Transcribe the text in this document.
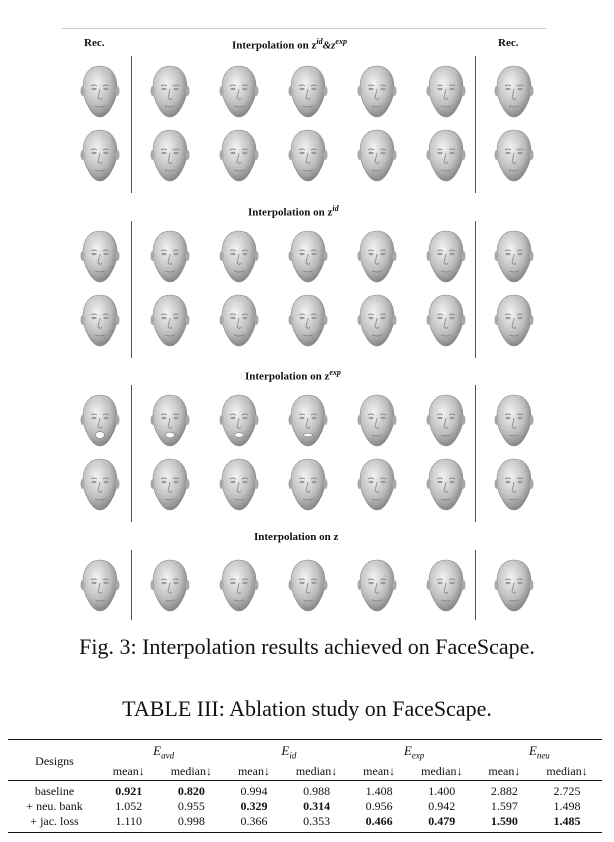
Rec.	Rec.
Interpolation on $z^{id}\&z^{exp}$
Interpolation on $z^{id}$
Interpolation on $z^{exp}$
Interpolation on z
Fig. 3: Interpolation results achieved on FaceScape.
TABLE III: Ablation study on FaceScape.
Designs	$E_{avd}$		$E_{id}$		$E_{exp}$		$E_{neu}$
	mean↓	median↓	mean↓	median↓	mean↓	median↓	mean↓	median↓
baseline	0.921	0.820	0.994	0.988	1.408	1.400	2.882	2.725
+ neu. bank	1.052	0.955	0.329	0.314	0.956	0.942	1.597	1.498
+ jac. loss	1.110	0.998	0.366	0.353	0.466	0.479	1.590	1.485
